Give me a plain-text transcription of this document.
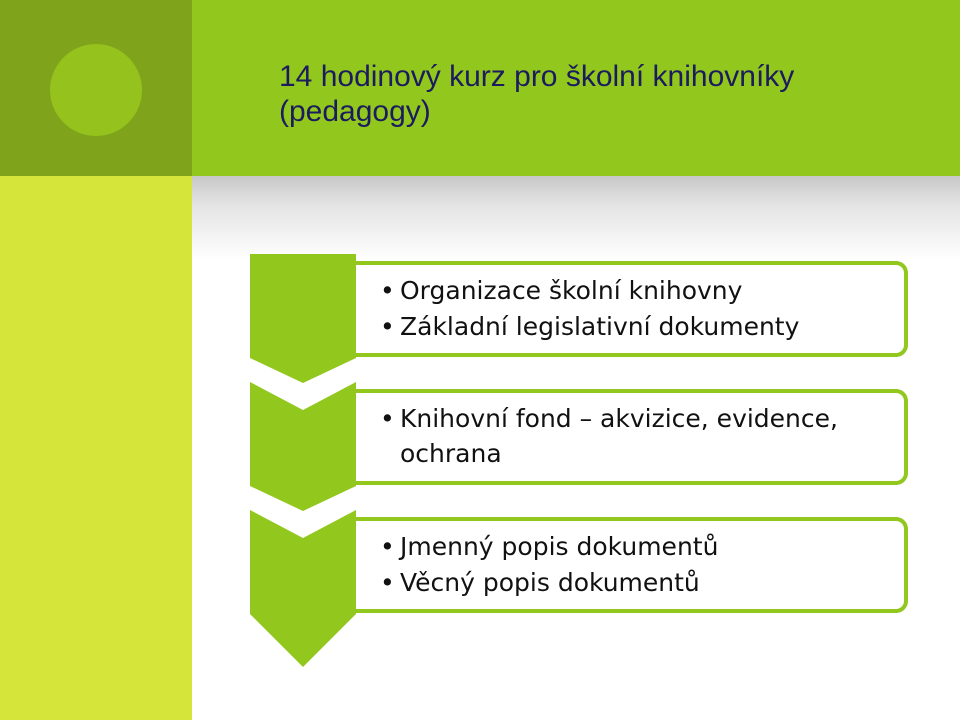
14 hodinový kurz pro školní knihovníky
(pedagogy)
• Organizace školní knihovny
• Základní legislativní dokumenty
• Knihovní fond – akvizice, evidence, ochrana
• Jmenný popis dokumentů
• Věcný popis dokumentů
